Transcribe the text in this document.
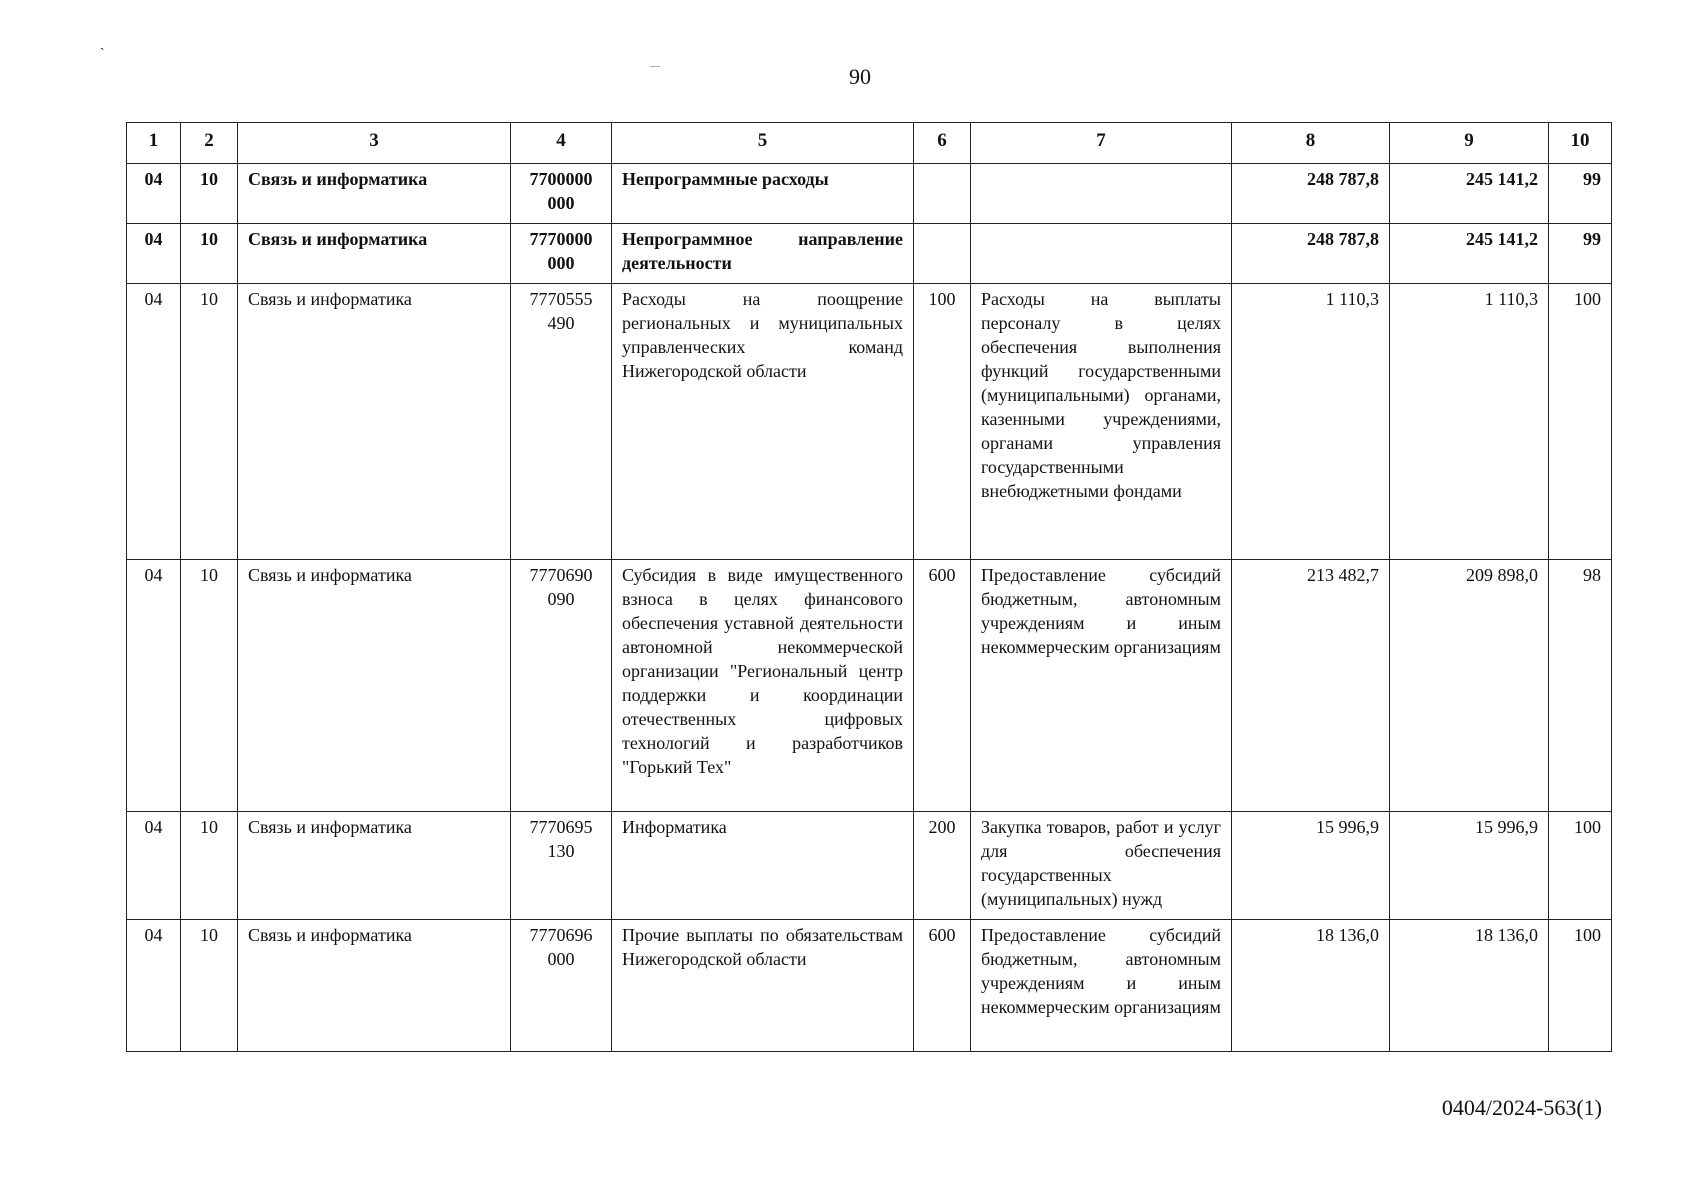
ˎ
90
1	2	3	4	5	6	7	8	9	10
04	10	Связь и информатика	7700000 000	Непрограммные расходы			248 787,8	245 141,2	99
04	10	Связь и информатика	7770000 000	Непрограммное направление деятельности			248 787,8	245 141,2	99
04	10	Связь и информатика	7770555 490	Расходы на поощрение региональных и муниципальных управленческих команд Нижегородской области	100	Расходы на выплаты персоналу в целях обеспечения выполнения функций государственными (муниципальными) органами, казенными учреждениями, органами управления государственными внебюджетными фондами	1 110,3	1 110,3	100
04	10	Связь и информатика	7770690 090	Субсидия в виде имущественного взноса в целях финансового обеспечения уставной деятельности автономной некоммерческой организации "Региональный центр поддержки и координации отечественных цифровых технологий и разработчиков "Горький Тех"	600	Предоставление субсидий бюджетным, автономным учреждениям и иным некоммерческим организациям	213 482,7	209 898,0	98
04	10	Связь и информатика	7770695 130	Информатика	200	Закупка товаров, работ и услуг для обеспечения государственных (муниципальных) нужд	15 996,9	15 996,9	100
04	10	Связь и информатика	7770696 000	Прочие выплаты по обязательствам Нижегородской области	600	Предоставление субсидий бюджетным, автономным учреждениям и иным некоммерческим организациям	18 136,0	18 136,0	100
0404/2024-563(1)
